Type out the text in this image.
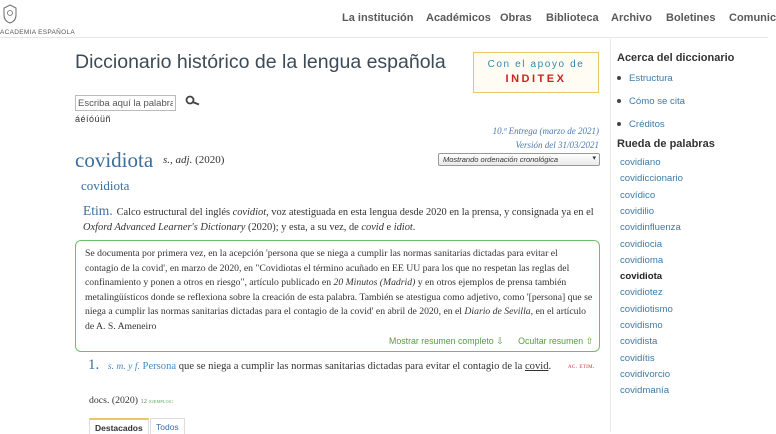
ACADEMIA ESPAÑOLA
La institución Académicos Obras Biblioteca Archivo Boletines Comunic
Diccionario histórico de la lengua española	Con el apoyo de
INDITEX
Escriba aquí la palabra
áéíóúüñ
10.ª Entrega (marzo de 2021)
Versión del 31/03/2021
Mostrando ordenación cronológica	▾
covidiota s., adj. (2020)
covidiota
Etim. Calco estructural del inglés covidiot, voz atestiguada en esta lengua desde 2020 en la prensa, y consignada ya en el Oxford Advanced Learner's Dictionary (2020); y esta, a su vez, de covid e idiot.
Se documenta por primera vez, en la acepción 'persona que se niega a cumplir las normas sanitarias dictadas para evitar el contagio de la covid', en marzo de 2020, en "Covidiotas el término acuñado en EE UU para los que no respetan las reglas del confinamiento y ponen a otros en riesgo", artículo publicado en 20 Minutos (Madrid) y en otros ejemplos de prensa también metalingüísticos donde se reflexiona sobre la creación de esta palabra. También se atestigua como adjetivo, como '[persona] que se niega a cumplir las normas sanitarias dictadas para el contagio de la covid' en abril de 2020, en el Diario de Sevilla, en el artículo de A. S. Ameneiro
Mostrar resumen completo ⇩ Ocultar resumen ⇧
1. s. m. y f. Persona que se niega a cumplir las normas sanitarias dictadas para evitar el contagio de la covid.	ac. etim.
docs. (2020) 12 ejemplos:
Destacados	Todos
Acerca del diccionario
Estructura
Cómo se cita
Créditos
Rueda de palabras
covidiano
covidiccionario
covídico
covidilio
covidinfluenza
covidiocia
covidioma
covidiota
covidiotez
covidiotismo
covidismo
covidista
covidítis
covidivorcio
covidmanía
